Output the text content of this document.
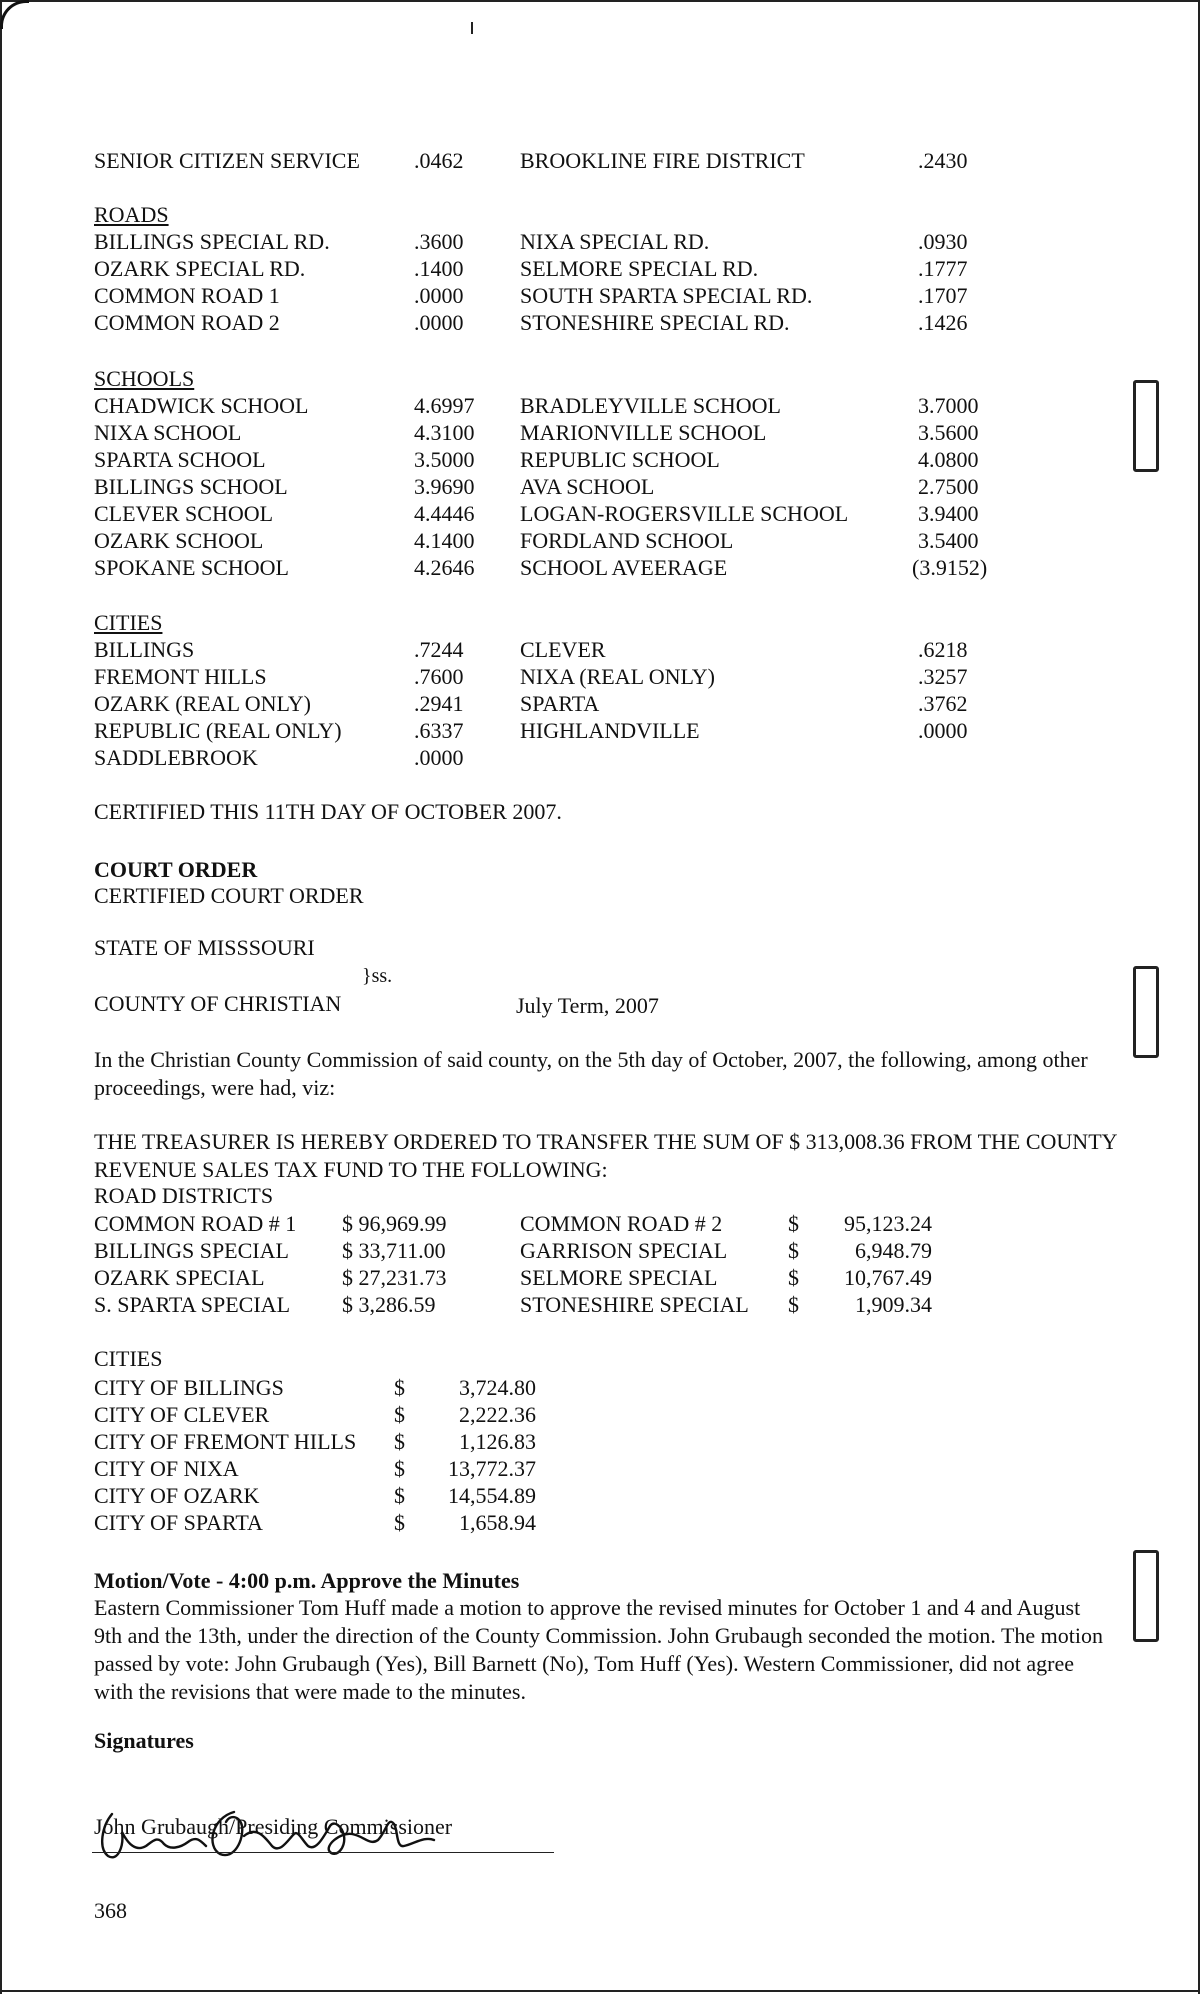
SENIOR CITIZEN SERVICE .0462	BROOKLINE FIRE DISTRICT	.2430
ROADS
BILLINGS SPECIAL RD.	.3600	NIXA SPECIAL RD.	.0930
OZARK SPECIAL RD.	.1400	SELMORE SPECIAL RD.	.1777
COMMON ROAD 1	.0000	SOUTH SPARTA SPECIAL RD.	.1707
COMMON ROAD 2	.0000	STONESHIRE SPECIAL RD.	.1426
SCHOOLS
CHADWICK SCHOOL	4.6997 BRADLEYVILLE SCHOOL	3.7000
NIXA SCHOOL	4.3100 MARIONVILLE SCHOOL	3.5600
SPARTA SCHOOL	3.5000 REPUBLIC SCHOOL	4.0800
BILLINGS SCHOOL	3.9690 AVA SCHOOL	2.7500
CLEVER SCHOOL	4.4446 LOGAN-ROGERSVILLE SCHOOL	3.9400
OZARK SCHOOL	4.1400 FORDLAND SCHOOL	3.5400
SPOKANE SCHOOL	4.2646 SCHOOL AVEERAGE	(3.9152)
CITIES
BILLINGS	.7244	CLEVER	.6218
FREMONT HILLS	.7600	NIXA (REAL ONLY)	.3257
OZARK (REAL ONLY)	.2941	SPARTA	.3762
REPUBLIC (REAL ONLY)	.6337	HIGHLANDVILLE	.0000
SADDLEBROOK	.0000
CERTIFIED THIS 11TH DAY OF OCTOBER 2007.
COURT ORDER
CERTIFIED COURT ORDER
STATE OF MISSSOURI
}ss.
COUNTY OF CHRISTIAN	July Term, 2007
In the Christian County Commission of said county, on the 5th day of October, 2007, the following, among other proceedings, were had, viz:
THE TREASURER IS HEREBY ORDERED TO TRANSFER THE SUM OF $ 313,008.36 FROM THE COUNTY REVENUE SALES TAX FUND TO THE FOLLOWING:
ROAD DISTRICTS
COMMON ROAD # 1	$ 96,969.99	COMMON ROAD # 2	$	95,123.24
BILLINGS SPECIAL	$ 33,711.00	GARRISON SPECIAL	$	6,948.79
OZARK SPECIAL	$ 27,231.73	SELMORE SPECIAL	$	10,767.49
S. SPARTA SPECIAL	$ 3,286.59	STONESHIRE SPECIAL	$	1,909.34
CITIES
CITY OF BILLINGS	$	3,724.80
CITY OF CLEVER	$	2,222.36
CITY OF FREMONT HILLS	$	1,126.83
CITY OF NIXA	$	13,772.37
CITY OF OZARK	$	14,554.89
CITY OF SPARTA	$	1,658.94
Motion/Vote - 4:00 p.m. Approve the Minutes
Eastern Commissioner Tom Huff made a motion to approve the revised minutes for October 1 and 4 and August 9th and the 13th, under the direction of the County Commission. John Grubaugh seconded the motion. The motion passed by vote: John Grubaugh (Yes), Bill Barnett (No), Tom Huff (Yes). Western Commissioner, did not agree with the revisions that were made to the minutes.
Signatures
John Grubaugh/Presiding Commissioner
368
